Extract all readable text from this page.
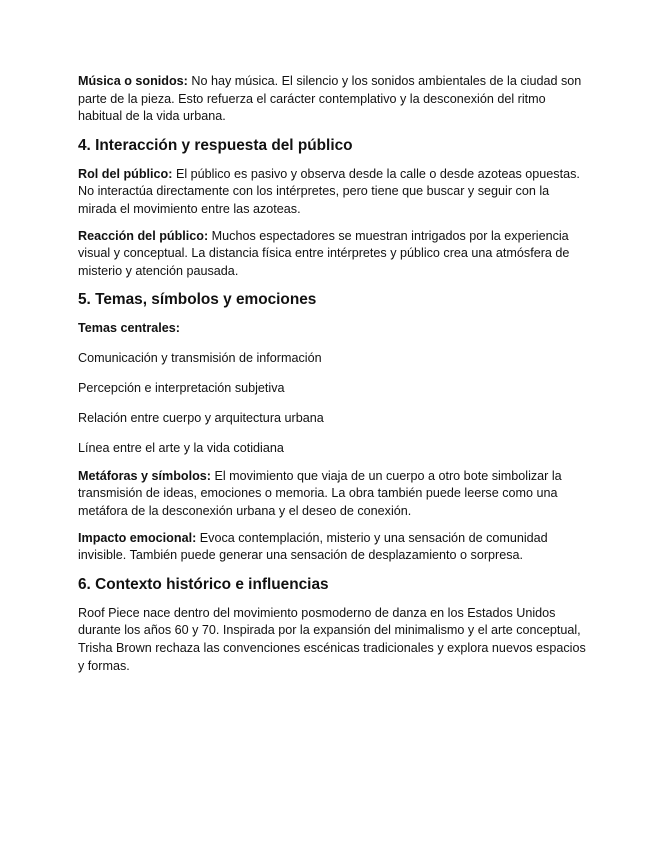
Música o sonidos: No hay música. El silencio y los sonidos ambientales de la ciudad son parte de la pieza. Esto refuerza el carácter contemplativo y la desconexión del ritmo habitual de la vida urbana.

4. Interacción y respuesta del público

Rol del público: El público es pasivo y observa desde la calle o desde azoteas opuestas. No interactúa directamente con los intérpretes, pero tiene que buscar y seguir con la mirada el movimiento entre las azoteas.

Reacción del público: Muchos espectadores se muestran intrigados por la experiencia visual y conceptual. La distancia física entre intérpretes y público crea una atmósfera de misterio y atención pausada.

5. Temas, símbolos y emociones

Temas centrales:

Comunicación y transmisión de información

Percepción e interpretación subjetiva

Relación entre cuerpo y arquitectura urbana

Línea entre el arte y la vida cotidiana

Metáforas y símbolos: El movimiento que viaja de un cuerpo a otro bote simbolizar la transmisión de ideas, emociones o memoria. La obra también puede leerse como una metáfora de la desconexión urbana y el deseo de conexión.

Impacto emocional: Evoca contemplación, misterio y una sensación de comunidad invisible. También puede generar una sensación de desplazamiento o sorpresa.

6. Contexto histórico e influencias

Roof Piece nace dentro del movimiento posmoderno de danza en los Estados Unidos durante los años 60 y 70. Inspirada por la expansión del minimalismo y el arte conceptual, Trisha Brown rechaza las convenciones escénicas tradicionales y explora nuevos espacios y formas.
